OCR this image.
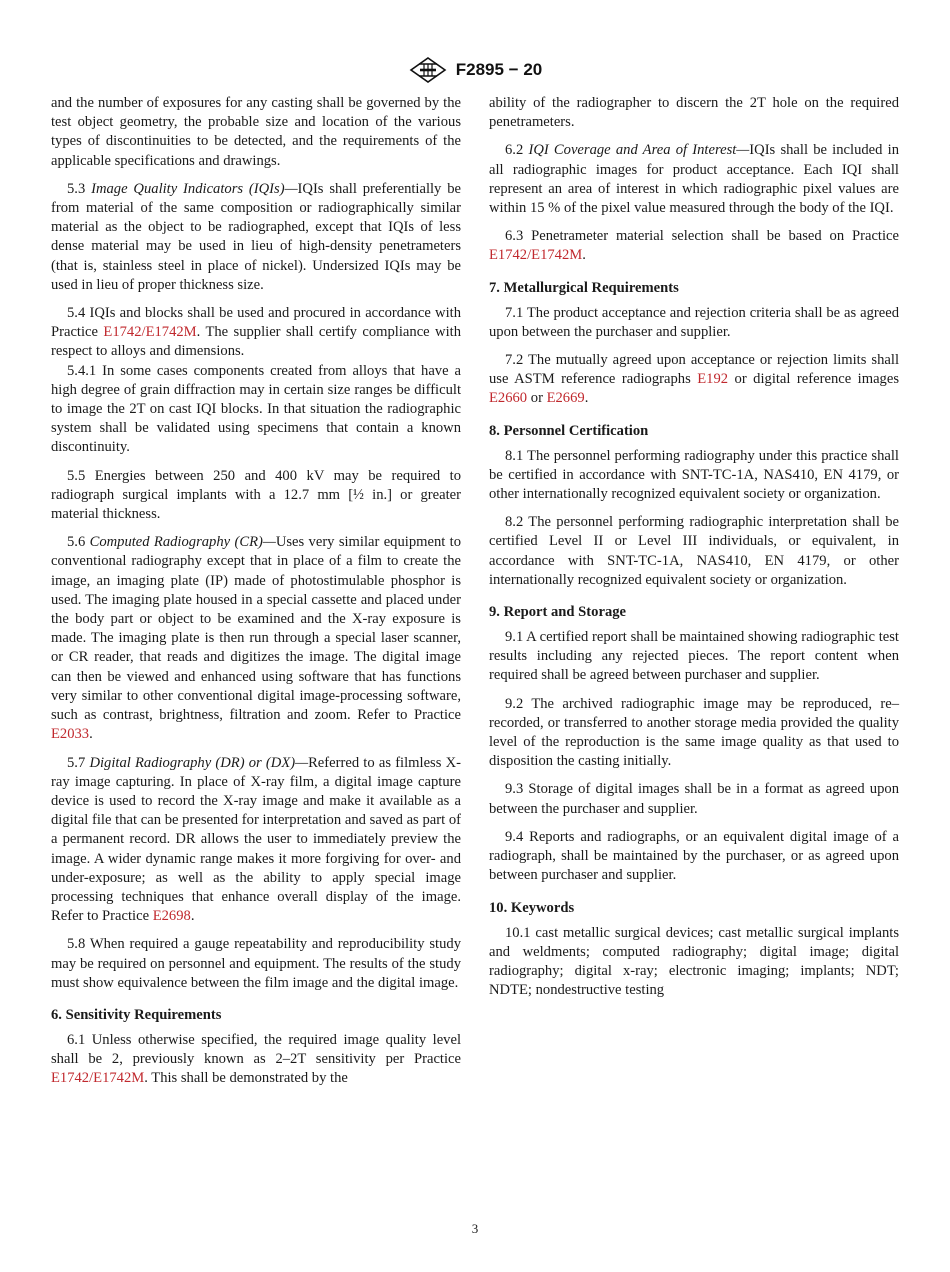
F2895 − 20

and the number of exposures for any casting shall be governed by the test object geometry, the probable size and location of the various types of discontinuities to be detected, and the requirements of the applicable specifications and drawings.

5.3 Image Quality Indicators (IQIs)—IQIs shall preferentially be from material of the same composition or radiographically similar material as the object to be radiographed, except that IQIs of less dense material may be used in lieu of high-density penetrameters (that is, stainless steel in place of nickel). Undersized IQIs may be used in lieu of proper thickness size.

5.4 IQIs and blocks shall be used and procured in accordance with Practice E1742/E1742M. The supplier shall certify compliance with respect to alloys and dimensions.

5.4.1 In some cases components created from alloys that have a high degree of grain diffraction may in certain size ranges be difficult to image the 2T on cast IQI blocks. In that situation the radiographic system shall be validated using specimens that contain a known discontinuity.

5.5 Energies between 250 and 400 kV may be required to radiograph surgical implants with a 12.7 mm [½ in.] or greater material thickness.

5.6 Computed Radiography (CR)—Uses very similar equipment to conventional radiography except that in place of a film to create the image, an imaging plate (IP) made of photostimulable phosphor is used. The imaging plate housed in a special cassette and placed under the body part or object to be examined and the X-ray exposure is made. The imaging plate is then run through a special laser scanner, or CR reader, that reads and digitizes the image. The digital image can then be viewed and enhanced using software that has functions very similar to other conventional digital image-processing software, such as contrast, brightness, filtration and zoom. Refer to Practice E2033.

5.7 Digital Radiography (DR) or (DX)—Referred to as filmless X-ray image capturing. In place of X-ray film, a digital image capture device is used to record the X-ray image and make it available as a digital file that can be presented for interpretation and saved as part of a permanent record. DR allows the user to immediately preview the image. A wider dynamic range makes it more forgiving for over- and under-exposure; as well as the ability to apply special image processing techniques that enhance overall display of the image. Refer to Practice E2698.

5.8 When required a gauge repeatability and reproducibility study may be required on personnel and equipment. The results of the study must show equivalence between the film image and the digital image.

6. Sensitivity Requirements

6.1 Unless otherwise specified, the required image quality level shall be 2, previously known as 2–2T sensitivity per Practice E1742/E1742M. This shall be demonstrated by the

ability of the radiographer to discern the 2T hole on the required penetrameters.

6.2 IQI Coverage and Area of Interest—IQIs shall be included in all radiographic images for product acceptance. Each IQI shall represent an area of interest in which radiographic pixel values are within 15 % of the pixel value measured through the body of the IQI.

6.3 Penetrameter material selection shall be based on Practice E1742/E1742M.

7. Metallurgical Requirements

7.1 The product acceptance and rejection criteria shall be as agreed upon between the purchaser and supplier.

7.2 The mutually agreed upon acceptance or rejection limits shall use ASTM reference radiographs E192 or digital reference images E2660 or E2669.

8. Personnel Certification

8.1 The personnel performing radiography under this practice shall be certified in accordance with SNT-TC-1A, NAS410, EN 4179, or other internationally recognized equivalent society or organization.

8.2 The personnel performing radiographic interpretation shall be certified Level II or Level III individuals, or equivalent, in accordance with SNT-TC-1A, NAS410, EN 4179, or other internationally recognized equivalent society or organization.

9. Report and Storage

9.1 A certified report shall be maintained showing radiographic test results including any rejected pieces. The report content when required shall be agreed between purchaser and supplier.

9.2 The archived radiographic image may be reproduced, re–recorded, or transferred to another storage media provided the quality level of the reproduction is the same image quality as that used to disposition the casting initially.

9.3 Storage of digital images shall be in a format as agreed upon between the purchaser and supplier.

9.4 Reports and radiographs, or an equivalent digital image of a radiograph, shall be maintained by the purchaser, or as agreed upon between purchaser and supplier.

10. Keywords

10.1 cast metallic surgical devices; cast metallic surgical implants and weldments; computed radiography; digital image; digital radiography; digital x-ray; electronic imaging; implants; NDT; NDTE; nondestructive testing

3
